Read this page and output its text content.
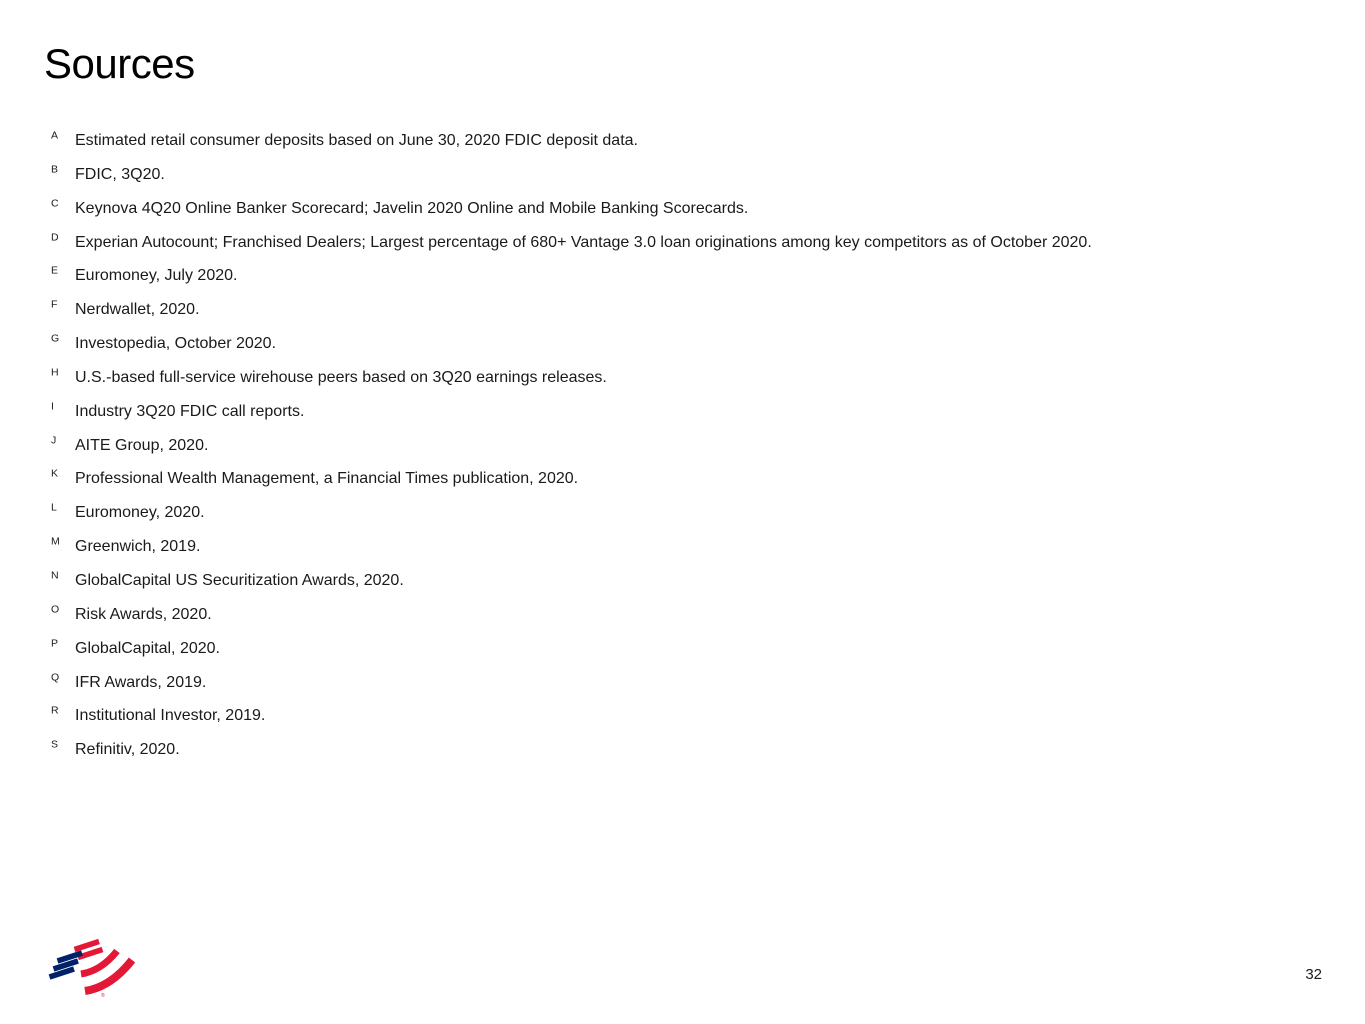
Sources
A	Estimated retail consumer deposits based on June 30, 2020 FDIC deposit data.
B	FDIC, 3Q20.
C	Keynova 4Q20 Online Banker Scorecard; Javelin 2020 Online and Mobile Banking Scorecards.
D	Experian Autocount; Franchised Dealers; Largest percentage of 680+ Vantage 3.0 loan originations among key competitors as of October 2020.
E	Euromoney, July 2020.
F	Nerdwallet, 2020.
G Investopedia, October 2020.
H	U.S.-based full-service wirehouse peers based on 3Q20 earnings releases.
I	Industry 3Q20 FDIC call reports.
J	AITE Group, 2020.
K	Professional Wealth Management, a Financial Times publication, 2020.
L	Euromoney, 2020.
M Greenwich, 2019.
N	GlobalCapital US Securitization Awards, 2020.
O Risk Awards, 2020.
P	GlobalCapital, 2020.
Q IFR Awards, 2019.
R	Institutional Investor, 2019.
S	Refinitiv, 2020.
®
32
